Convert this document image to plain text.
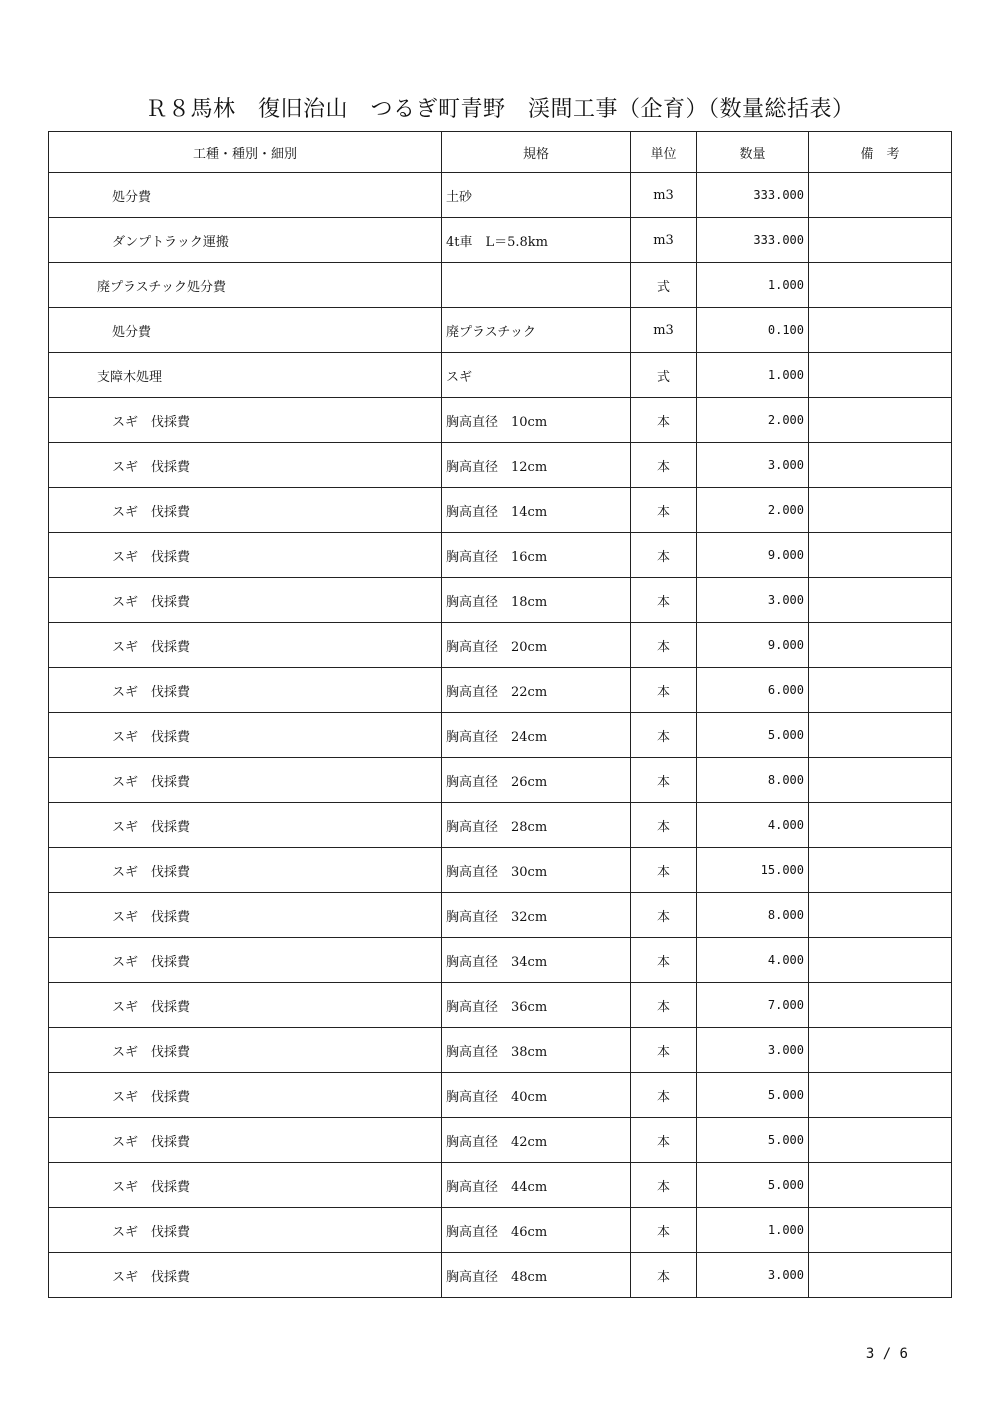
Ｒ８馬林　復旧治山　つるぎ町青野　渓間工事（企育）（数量総括表）
工種・種別・細別	規格	単位	数量	備　考
処分費	土砂	m3	333.000	
ダンプトラック運搬	4t車　L＝5.8km	m3	333.000	
廃プラスチック処分費		式	1.000	
処分費	廃プラスチック	m3	0.100	
支障木処理	スギ	式	1.000	
スギ　伐採費	胸高直径　10cm	本	2.000	
スギ　伐採費	胸高直径　12cm	本	3.000	
スギ　伐採費	胸高直径　14cm	本	2.000	
スギ　伐採費	胸高直径　16cm	本	9.000	
スギ　伐採費	胸高直径　18cm	本	3.000	
スギ　伐採費	胸高直径　20cm	本	9.000	
スギ　伐採費	胸高直径　22cm	本	6.000	
スギ　伐採費	胸高直径　24cm	本	5.000	
スギ　伐採費	胸高直径　26cm	本	8.000	
スギ　伐採費	胸高直径　28cm	本	4.000	
スギ　伐採費	胸高直径　30cm	本	15.000	
スギ　伐採費	胸高直径　32cm	本	8.000	
スギ　伐採費	胸高直径　34cm	本	4.000	
スギ　伐採費	胸高直径　36cm	本	7.000	
スギ　伐採費	胸高直径　38cm	本	3.000	
スギ　伐採費	胸高直径　40cm	本	5.000	
スギ　伐採費	胸高直径　42cm	本	5.000	
スギ　伐採費	胸高直径　44cm	本	5.000	
スギ　伐採費	胸高直径　46cm	本	1.000	
スギ　伐採費	胸高直径　48cm	本	3.000	
3 / 6
